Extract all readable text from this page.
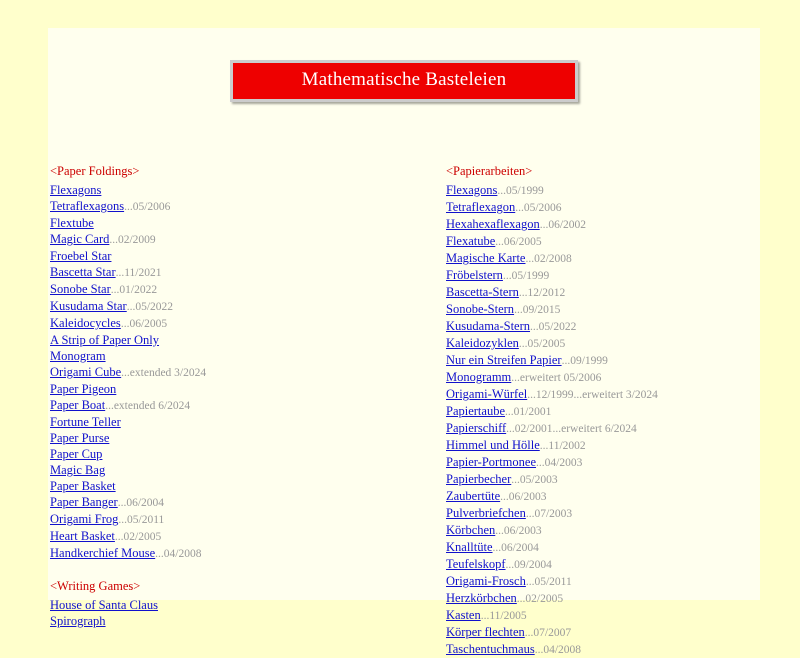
Mathematische Basteleien
<Paper Foldings>
Flexagons
Tetraflexagons...05/2006
Flextube
Magic Card...02/2009
Froebel Star
Bascetta Star...11/2021
Sonobe Star...01/2022
Kusudama Star...05/2022
Kaleidocycles...06/2005
A Strip of Paper Only
Monogram
Origami Cube...extended 3/2024
Paper Pigeon
Paper Boat...extended 6/2024
Fortune Teller
Paper Purse
Paper Cup
Magic Bag
Paper Basket
Paper Banger...06/2004
Origami Frog...05/2011
Heart Basket...02/2005
Handkerchief Mouse...04/2008
<Writing Games>
House of Santa Claus
Spirograph
<Papierarbeiten>
Flexagons...05/1999
Tetraflexagon...05/2006
Hexahexaflexagon...06/2002
Flexatube...06/2005
Magische Karte...02/2008
Fröbelstern...05/1999
Bascetta-Stern...12/2012
Sonobe-Stern...09/2015
Kusudama-Stern...05/2022
Kaleidozyklen...05/2005
Nur ein Streifen Papier...09/1999
Monogramm...erweitert 05/2006
Origami-Würfel...12/1999...erweitert 3/2024
Papiertaube...01/2001
Papierschiff...02/2001...erweitert 6/2024
Himmel und Hölle...11/2002
Papier-Portmonee...04/2003
Papierbecher...05/2003
Zaubertüte...06/2003
Pulverbriefchen...07/2003
Körbchen...06/2003
Knalltüte...06/2004
Teufelskopf...09/2004
Origami-Frosch...05/2011
Herzkörbchen...02/2005
Kasten...11/2005
Körper flechten...07/2007
Taschentuchmaus...04/2008
